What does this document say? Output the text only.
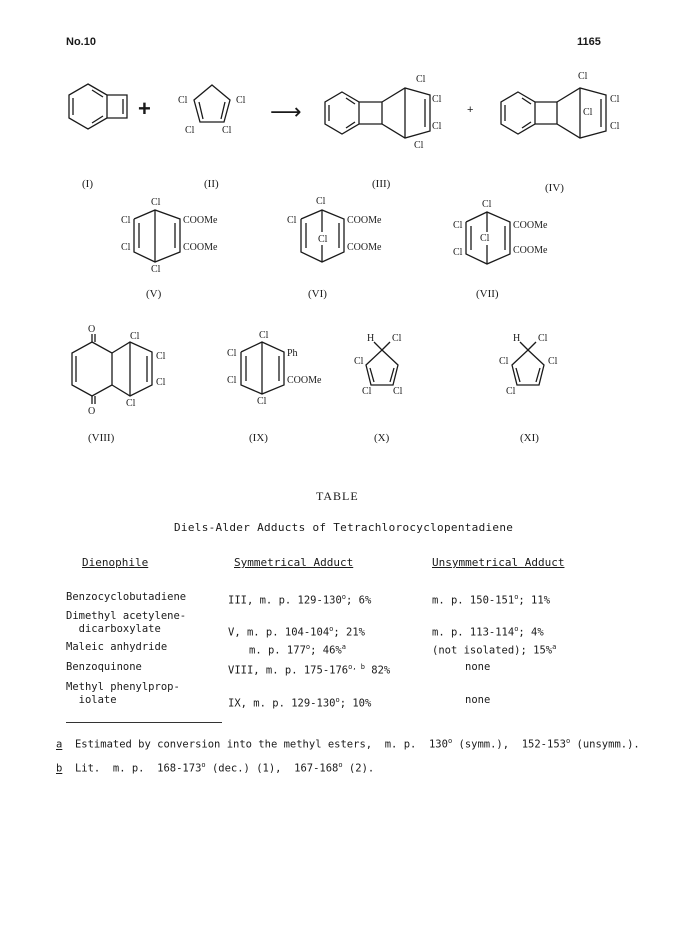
No.10	1165
+	Cl	Cl
Cl	Cl
⟶
Cl
Cl
Cl
Cl
+
Cl
Cl
Cl
Cl
(I)	(II)	(III)	(IV)
Cl
Cl
Cl
Cl
COOMe
COOMe
Cl
Cl
Cl
COOMe
COOMe
Cl
Cl
Cl
Cl
COOMe
COOMe
(V)	(VI)	(VII)
O
O
Cl
Cl
Cl
Cl
Cl
Cl
Cl
Cl
Ph
COOMe
H Cl
Cl
Cl Cl
H Cl
Cl	Cl
Cl
(VIII)	(IX)	(X)	(XI)
TABLE
Diels-Alder Adducts of Tetrachlorocyclopentadiene
Dienophile	Symmetrical Adduct	Unsymmetrical Adduct
Benzocyclobutadiene	III, m. p. 129-130$^o$; 6%	m. p. 150-151$^o$; 11%
Dimethyl acetylene-
dicarboxylate	V, m. p. 104-104$^o$; 21%	m. p. 113-114$^o$; 4%
Maleic anhydride	m. p. 177$^o$; 46%$^a$	(not isolated); 15%$^a$
Benzoquinone	VIII, m. p. 175-176$^{o, b}$ 82%	none
Methyl phenylprop-
iolate	IX, m. p. 129-130$^o$; 10%	none
a  Estimated by conversion into the methyl esters,  m. p.  130$^o$ (symm.),  152-153$^o$ (unsymm.).
b  Lit.  m. p.  168-173$^o$ (dec.) (1),  167-168$^o$ (2).
